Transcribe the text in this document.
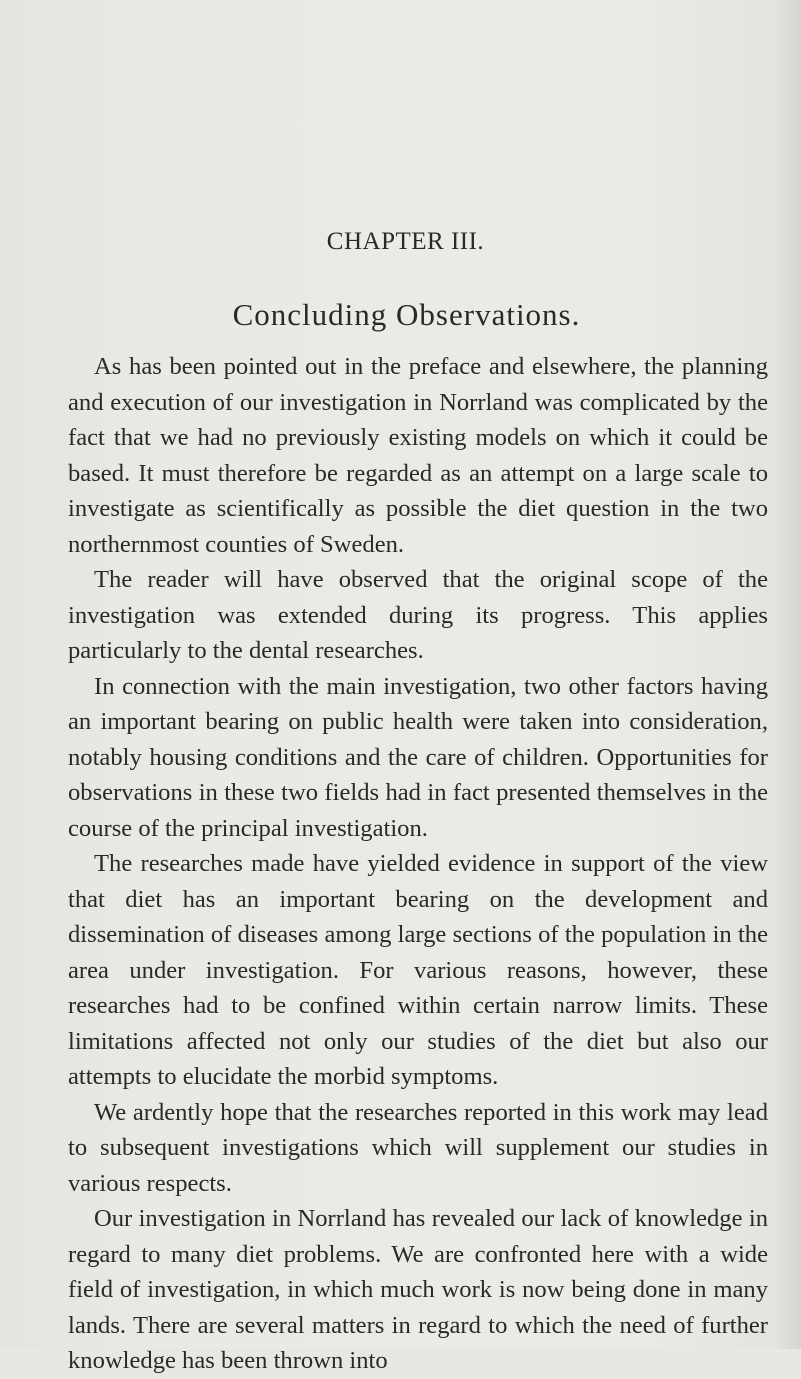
CHAPTER III.
Concluding Observations.

As has been pointed out in the preface and elsewhere, the planning and execution of our investigation in Norrland was complicated by the fact that we had no previously existing models on which it could be based. It must therefore be regarded as an attempt on a large scale to investigate as scientifically as possible the diet question in the two northernmost counties of Sweden.

The reader will have observed that the original scope of the investigation was extended during its progress. This applies particularly to the dental researches.

In connection with the main investigation, two other factors having an important bearing on public health were taken into consideration, notably housing conditions and the care of children. Opportunities for observations in these two fields had in fact presented themselves in the course of the principal investigation.

The researches made have yielded evidence in support of the view that diet has an important bearing on the development and dissemination of diseases among large sections of the population in the area under investigation. For various reasons, however, these researches had to be confined within certain narrow limits. These limitations affected not only our studies of the diet but also our attempts to elucidate the morbid symptoms.

We ardently hope that the researches reported in this work may lead to subsequent investigations which will supplement our studies in various respects.

Our investigation in Norrland has revealed our lack of knowledge in regard to many diet problems. We are confronted here with a wide field of investigation, in which much work is now being done in many lands. There are several matters in regard to which the need of further knowledge has been thrown into
